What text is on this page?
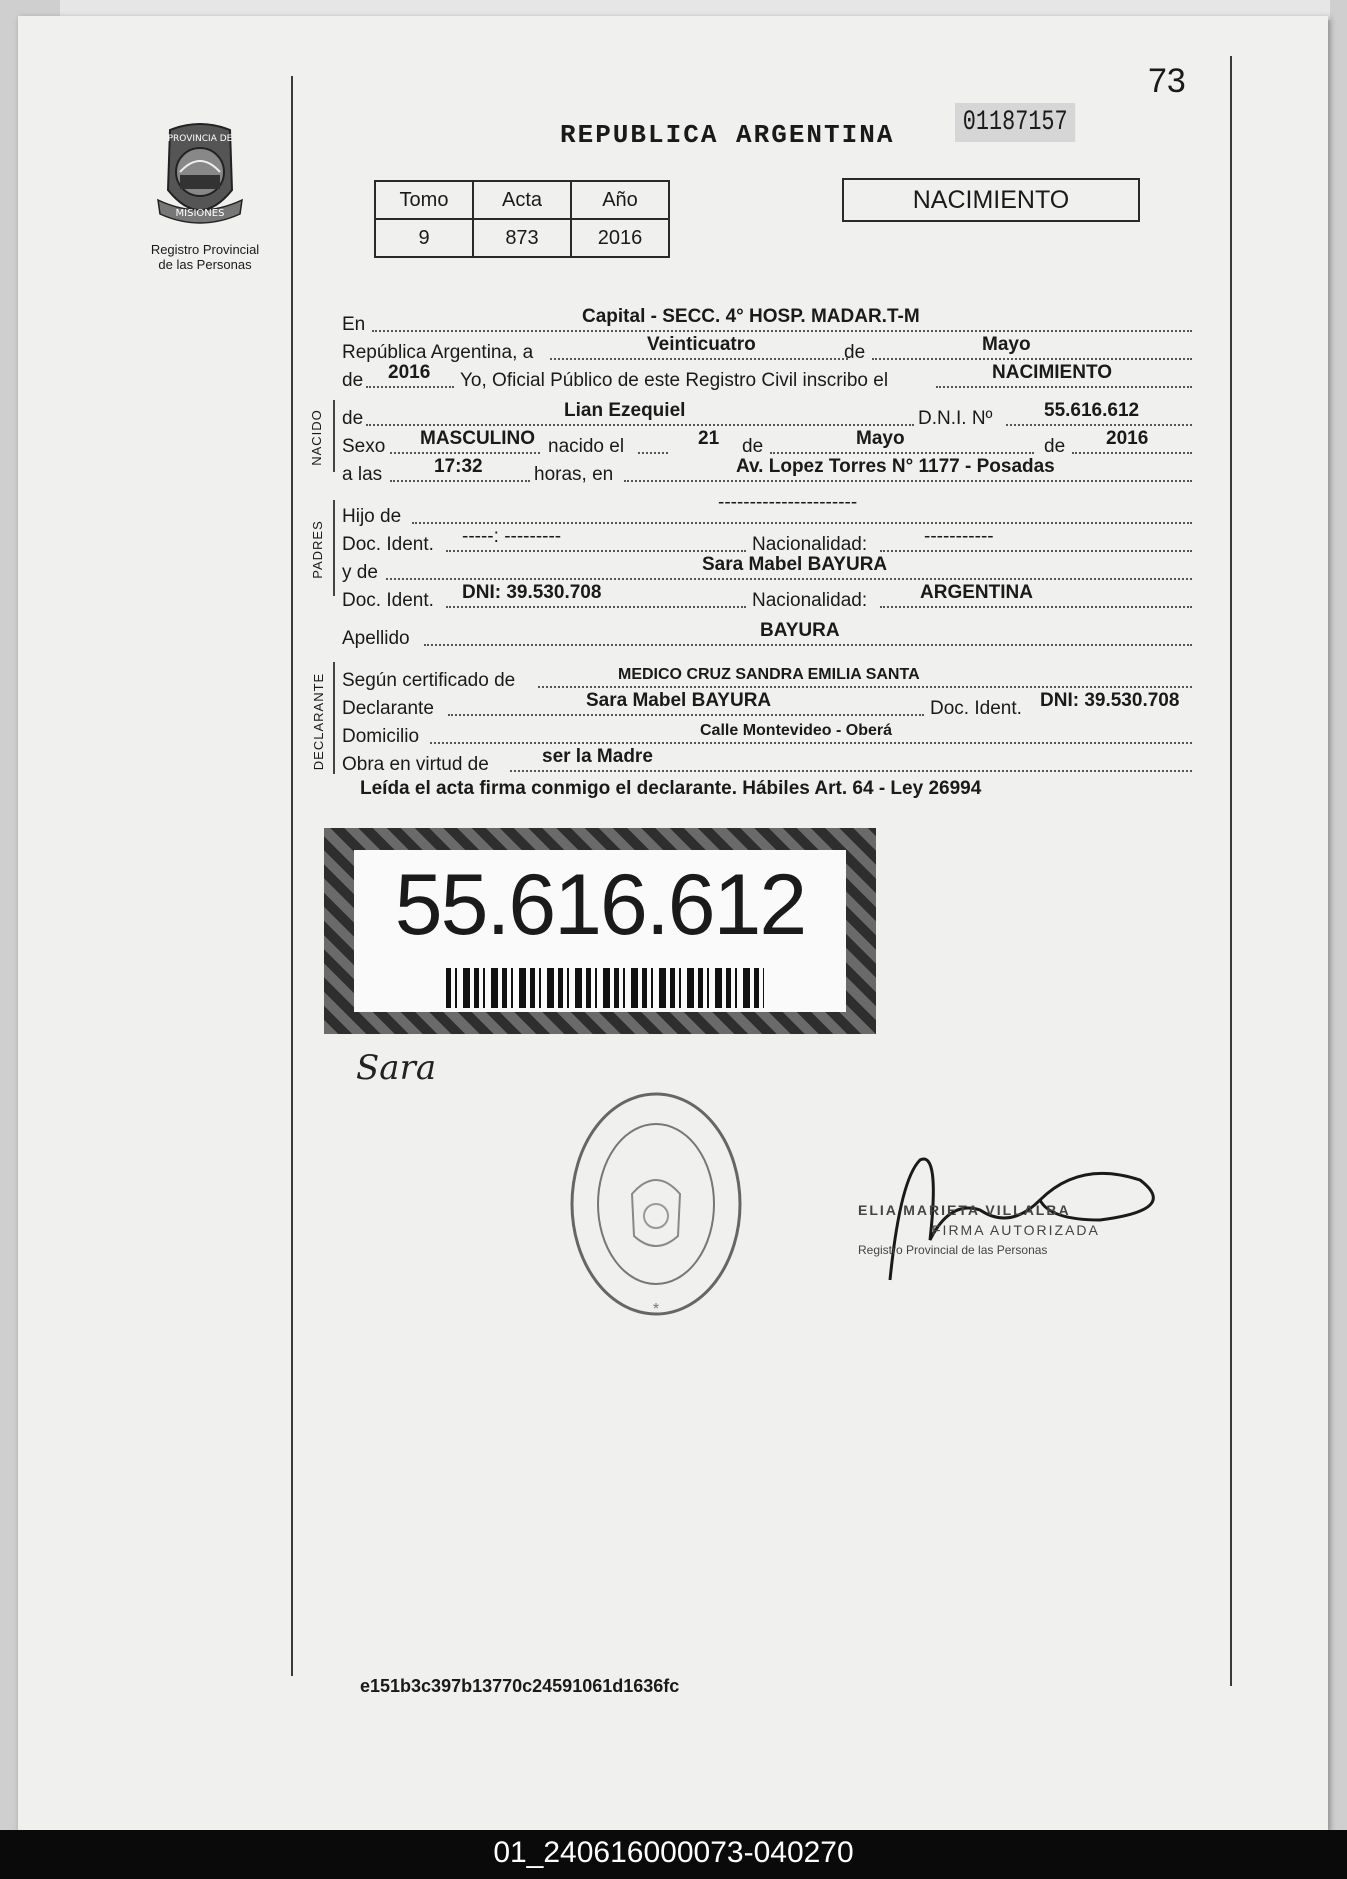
73
PROVINCIA DE
MISIONES
Registro Provincial
de las Personas
REPUBLICA ARGENTINA 01187157
Tomo	Acta	Año
9	873	2016
NACIMIENTO
NACIDO
PADRES
DECLARANTE
En	Capital - SECC. 4° HOSP. MADAR.T-M
República Argentina, a	Veinticuatro	de	Mayo
de 2016 Yo, Oficial Público de este Registro Civil inscribo el	NACIMIENTO
de	Lian Ezequiel	D.N.I. Nº	55.616.612
Sexo MASCULINO nacido el	21 de	Mayo	de 2016
a las	17:32	horas, en	Av. Lopez Torres N° 1177 - Posadas
Hijo de
----------------------
Doc. Ident. -----: ---------	Nacionalidad:	-----------
y de	Sara Mabel BAYURA
Doc. Ident. DNI: 39.530.708	Nacionalidad:	ARGENTINA
Apellido	BAYURA
Según certificado de	MEDICO CRUZ SANDRA EMILIA SANTA
Declarante	Sara Mabel BAYURA	Doc. Ident. DNI: 39.530.708
Domicilio	Calle Montevideo - Oberá
Obra en virtud de	ser la Madre
Leída el acta firma conmigo el declarante. Hábiles Art. 64 - Ley 26994
55.616.612
Sara
*
ELIA MARIETA VILLALBA
FIRMA AUTORIZADA
Registro Provincial de las Personas
e151b3c397b13770c24591061d1636fc
01_240616000073-040270
